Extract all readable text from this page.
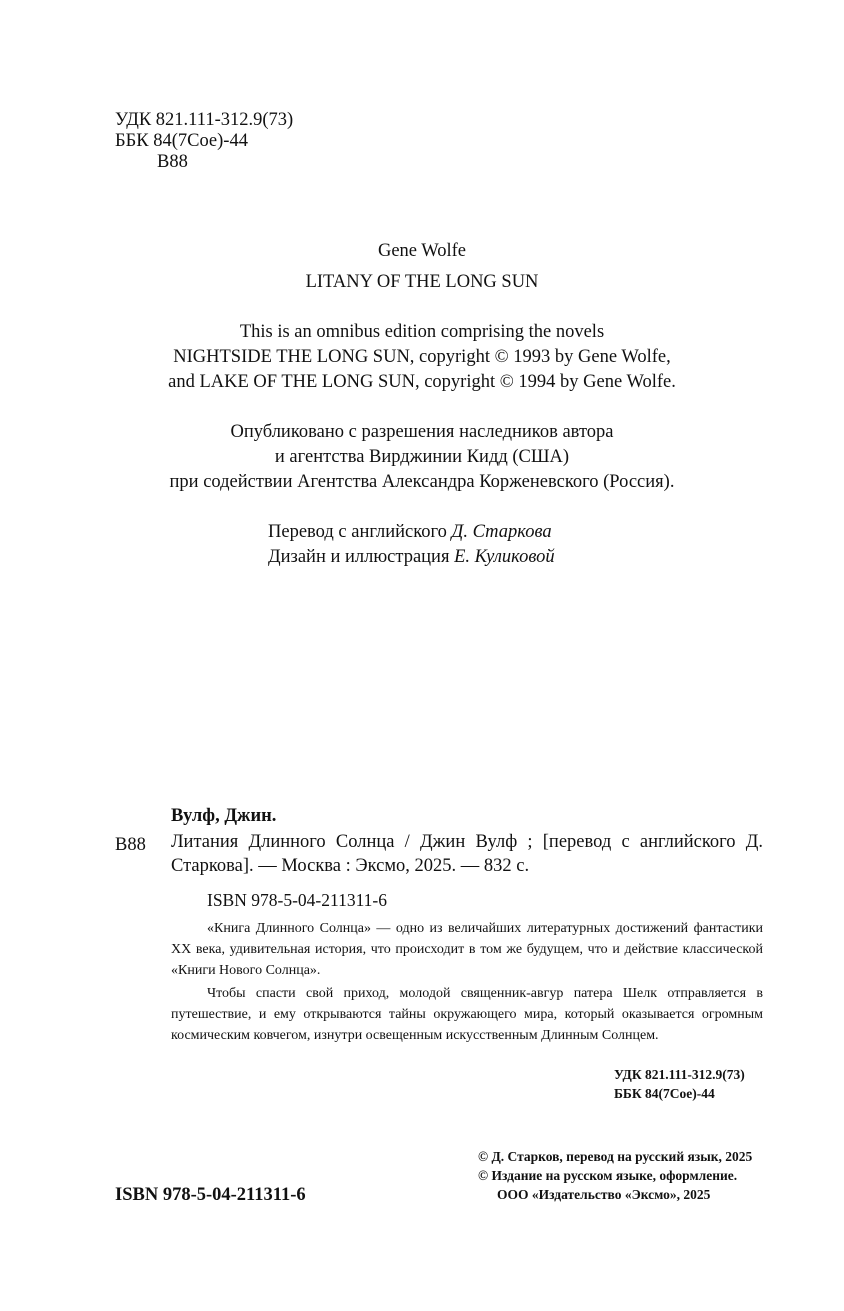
УДК 821.111-312.9(73)
ББК 84(7Сое)-44
В88
Gene Wolfe
LITANY OF THE LONG SUN
This is an omnibus edition comprising the novels
NIGHTSIDE THE LONG SUN, copyright © 1993 by Gene Wolfe,
and LAKE OF THE LONG SUN, copyright © 1994 by Gene Wolfe.
Опубликовано с разрешения наследников автора
и агентства Вирджинии Кидд (США)
при содействии Агентства Александра Корженевского (Россия).
Перевод с английского Д. Старкова
Дизайн и иллюстрация Е. Куликовой
Вулф, Джин.
В88 Литания Длинного Солнца / Джин Вулф ; [перевод с английского Д. Старкова]. — Москва : Эксмо, 2025. — 832 с.
ISBN 978-5-04-211311-6
«Книга Длинного Солнца» — одно из величайших литературных достижений фантастики XX века, удивительная история, что происходит в том же будущем, что и действие классической «Книги Нового Солнца».
Чтобы спасти свой приход, молодой священник-авгур патера Шелк отправляется в путешествие, и ему открываются тайны окружающего мира, который оказывается огромным космическим ковчегом, изнутри освещенным искусственным Длинным Солнцем.
УДК 821.111-312.9(73)
ББК 84(7Сое)-44
ISBN 978-5-04-211311-6
© Д. Старков, перевод на русский язык, 2025
© Издание на русском языке, оформление.
ООО «Издательство «Эксмо», 2025
